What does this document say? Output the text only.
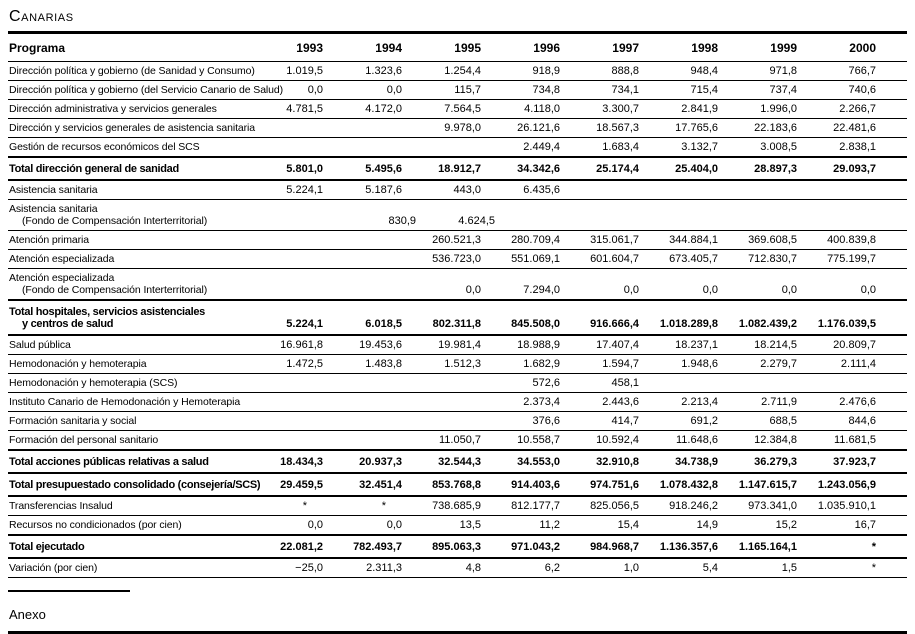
Canarias
Programa	1993	1994	1995	1996	1997	1998	1999	2000
Dirección política y gobierno (de Sanidad y Consumo)	1.019,5	1.323,6	1.254,4	918,9	888,8	948,4	971,8	766,7
Dirección política y gobierno (del Servicio Canario de Salud)	0,0	0,0	115,7	734,8	734,1	715,4	737,4	740,6
Dirección administrativa y servicios generales	4.781,5	4.172,0	7.564,5	4.118,0	3.300,7	2.841,9	1.996,0	2.266,7
Dirección y servicios generales de asistencia sanitaria			9.978,0	26.121,6	18.567,3	17.765,6	22.183,6	22.481,6
Gestión de recursos económicos del SCS				2.449,4	1.683,4	3.132,7	3.008,5	2.838,1
Total dirección general de sanidad	5.801,0	5.495,6	18.912,7	34.342,6	25.174,4	25.404,0	28.897,3	29.093,7
Asistencia sanitaria	5.224,1	5.187,6	443,0	6.435,6				

Asistencia sanitaria
(Fondo de Compensación Interterritorial)		830,9	4.624,5					
Atención primaria			260.521,3	280.709,4	315.061,7	344.884,1	369.608,5	400.839,8
Atención especializada			536.723,0	551.069,1	601.604,7	673.405,7	712.830,7	775.199,7

Atención especializada
(Fondo de Compensación Interterritorial)			0,0	7.294,0	0,0	0,0	0,0	0,0

Total hospitales, servicios asistenciales
y centros de salud	5.224,1	6.018,5	802.311,8	845.508,0	916.666,4	1.018.289,8	1.082.439,2	1.176.039,5
Salud pública	16.961,8	19.453,6	19.981,4	18.988,9	17.407,4	18.237,1	18.214,5	20.809,7
Hemodonación y hemoterapia	1.472,5	1.483,8	1.512,3	1.682,9	1.594,7	1.948,6	2.279,7	2.111,4
Hemodonación y hemoterapia (SCS)				572,6	458,1			
Instituto Canario de Hemodonación y Hemoterapia				2.373,4	2.443,6	2.213,4	2.711,9	2.476,6
Formación sanitaria y social				376,6	414,7	691,2	688,5	844,6
Formación del personal sanitario			11.050,7	10.558,7	10.592,4	11.648,6	12.384,8	11.681,5
Total acciones públicas relativas a salud	18.434,3	20.937,3	32.544,3	34.553,0	32.910,8	34.738,9	36.279,3	37.923,7
Total presupuestado consolidado (consejería/SCS)	29.459,5	32.451,4	853.768,8	914.403,6	974.751,6	1.078.432,8	1.147.615,7	1.243.056,9
Transferencias Insalud	*	*	738.685,9	812.177,7	825.056,5	918.246,2	973.341,0	1.035.910,1
Recursos no condicionados (por cien)	0,0	0,0	13,5	11,2	15,4	14,9	15,2	16,7
Total ejecutado	22.081,2	782.493,7	895.063,3	971.043,2	984.968,7	1.136.357,6	1.165.164,1	*
Variación (por cien)	−25,0	2.311,3	4,8	6,2	1,0	5,4	1,5	*
Anexo
